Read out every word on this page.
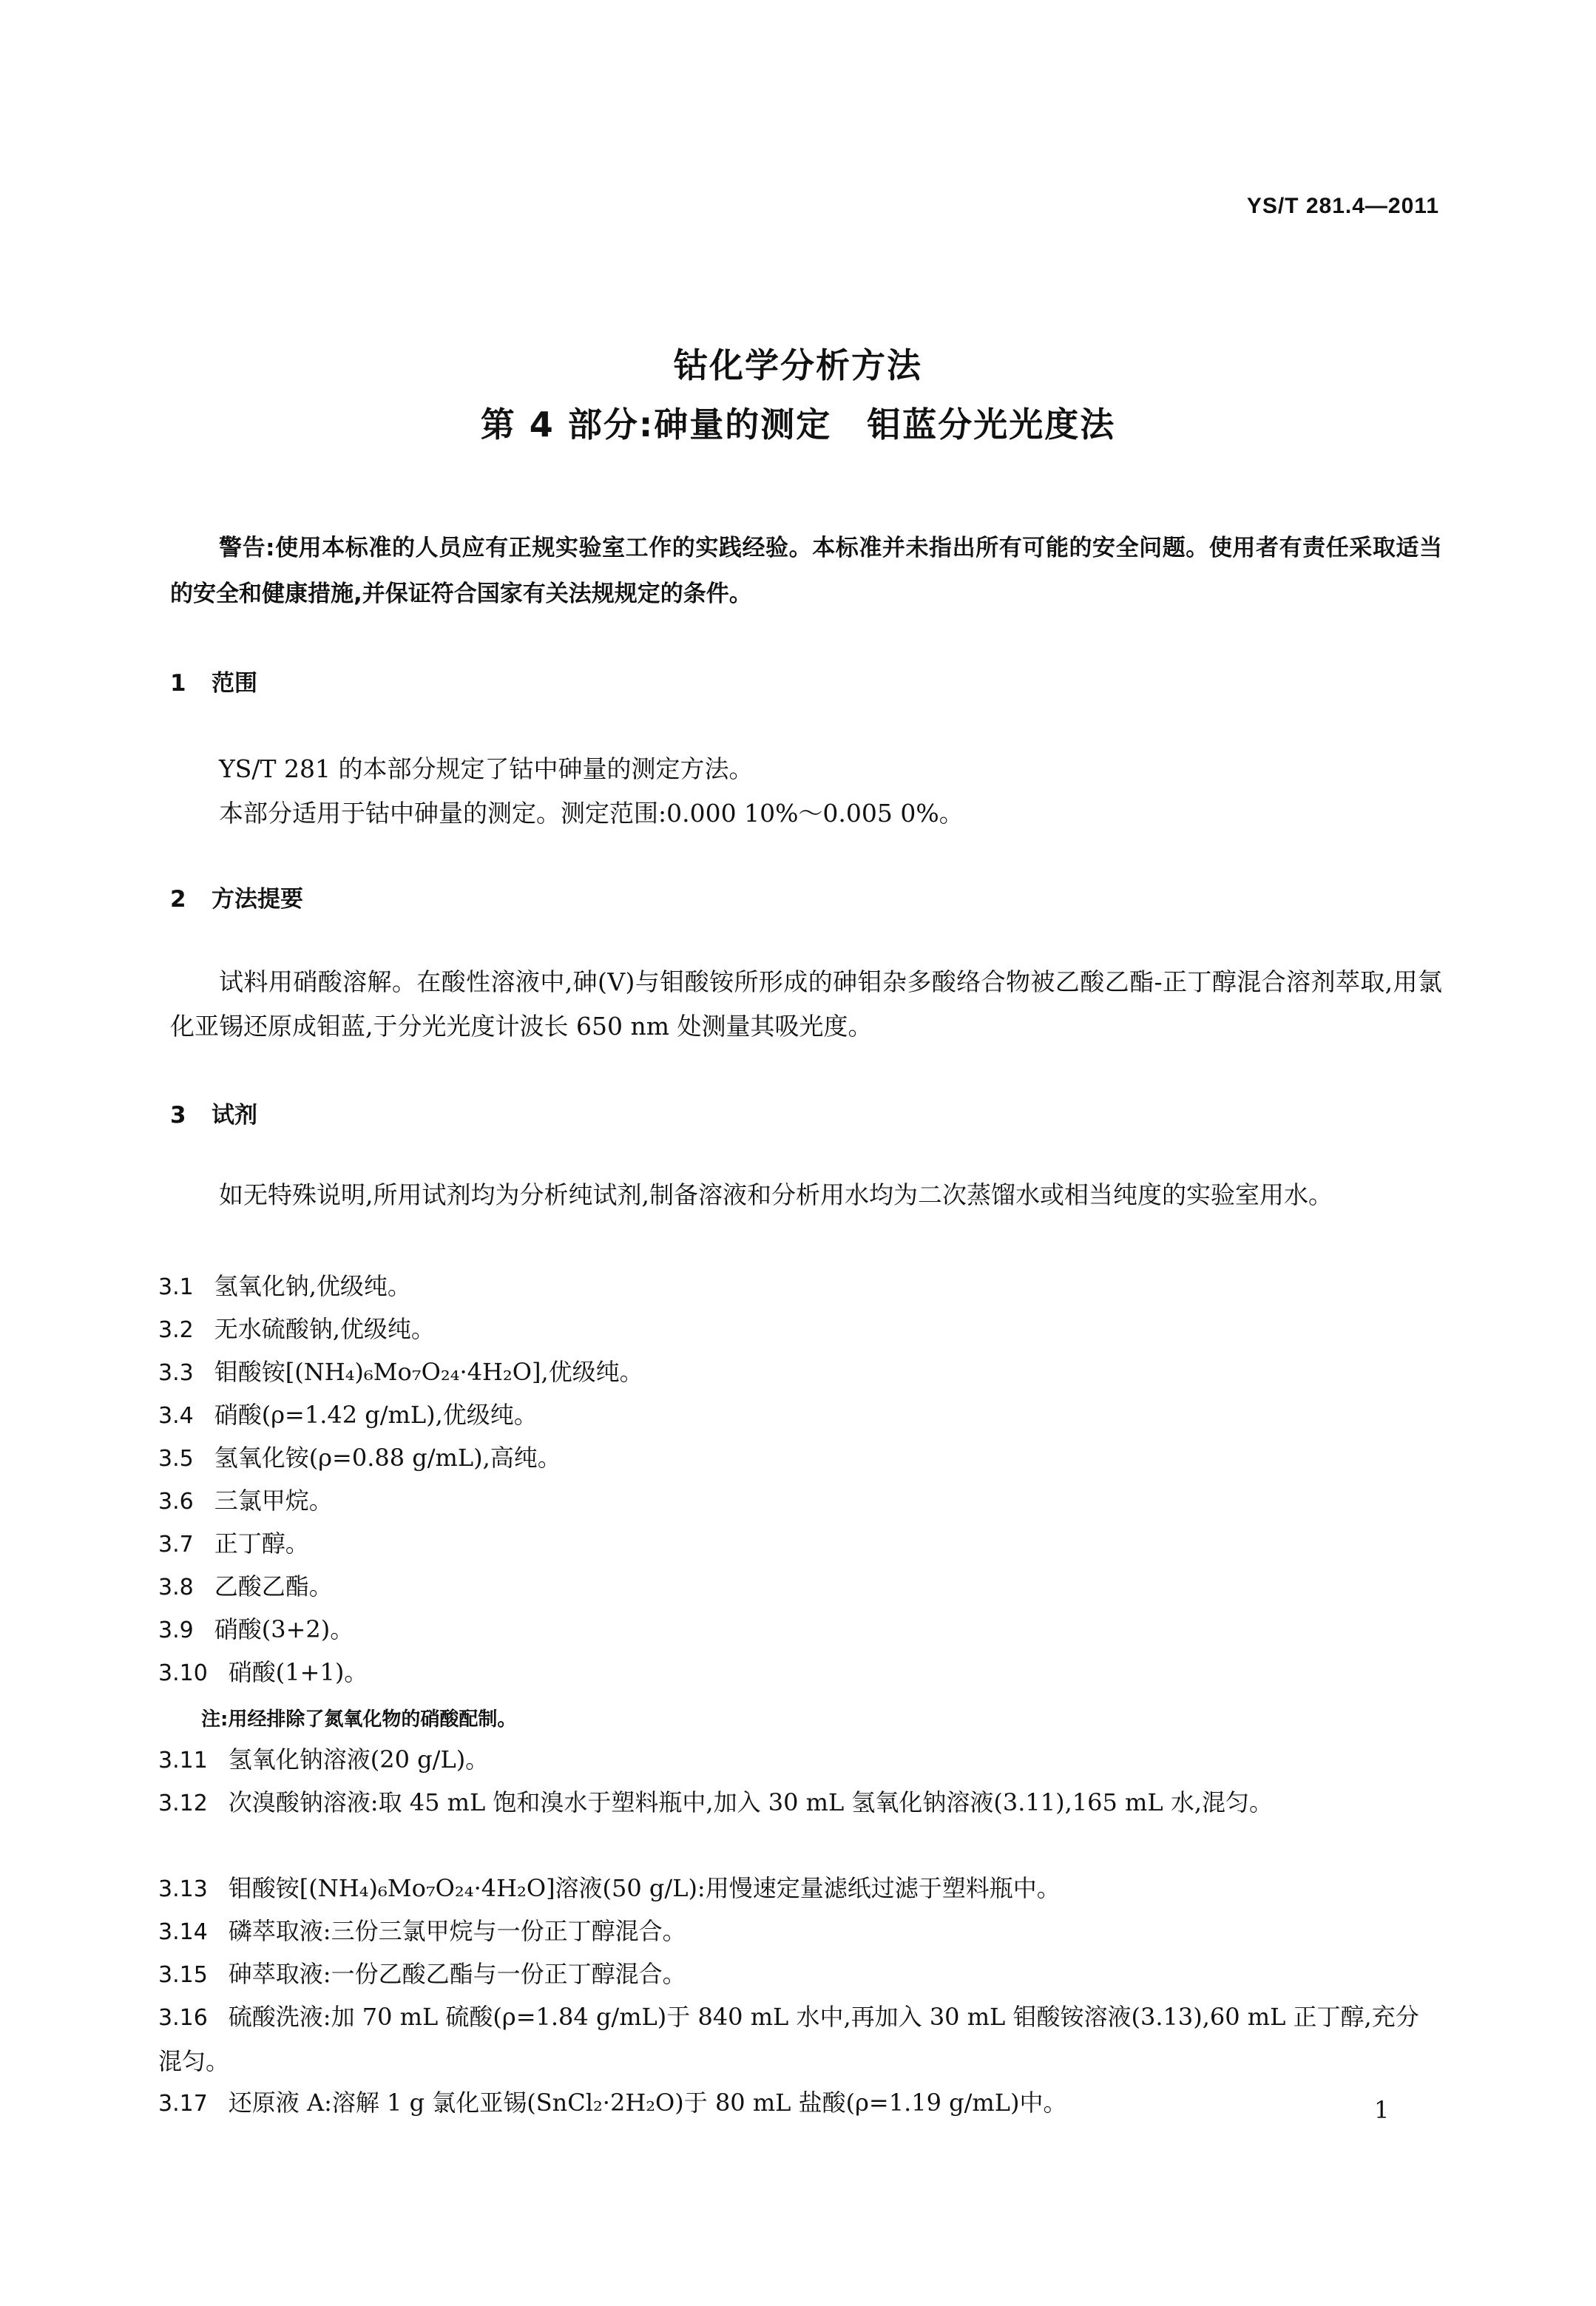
YS/T 281.4—2011
钴化学分析方法
第 4 部分:砷量的测定　钼蓝分光光度法
警告:使用本标准的人员应有正规实验室工作的实践经验。本标准并未指出所有可能的安全问题。使用者有责任采取适当的安全和健康措施,并保证符合国家有关法规规定的条件。
1 范围

YS/T 281 的本部分规定了钴中砷量的测定方法。

本部分适用于钴中砷量的测定。测定范围:0.000 10%～0.005 0%。

2 方法提要

试料用硝酸溶解。在酸性溶液中,砷(Ⅴ)与钼酸铵所形成的砷钼杂多酸络合物被乙酸乙酯-正丁醇混合溶剂萃取,用氯化亚锡还原成钼蓝,于分光光度计波长 650 nm 处测量其吸光度。

3 试剂

如无特殊说明,所用试剂均为分析纯试剂,制备溶液和分析用水均为二次蒸馏水或相当纯度的实验室用水。

3.1 氢氧化钠,优级纯。
3.2 无水硫酸钠,优级纯。
3.3 钼酸铵[(NH₄)₆Mo₇O₂₄·4H₂O],优级纯。
3.4 硝酸(ρ=1.42 g/mL),优级纯。
3.5 氢氧化铵(ρ=0.88 g/mL),高纯。
3.6 三氯甲烷。
3.7 正丁醇。
3.8 乙酸乙酯。
3.9 硝酸(3+2)。
3.10 硝酸(1+1)。
注:用经排除了氮氧化物的硝酸配制。
3.11 氢氧化钠溶液(20 g/L)。
3.12 次溴酸钠溶液:取 45 mL 饱和溴水于塑料瓶中,加入 30 mL 氢氧化钠溶液(3.11),165 mL 水,混匀。
3.13 钼酸铵[(NH₄)₆Mo₇O₂₄·4H₂O]溶液(50 g/L):用慢速定量滤纸过滤于塑料瓶中。
3.14 磷萃取液:三份三氯甲烷与一份正丁醇混合。
3.15 砷萃取液:一份乙酸乙酯与一份正丁醇混合。
3.16 硫酸洗液:加 70 mL 硫酸(ρ=1.84 g/mL)于 840 mL 水中,再加入 30 mL 钼酸铵溶液(3.13),60 mL 正丁醇,充分混匀。
3.17 还原液 A:溶解 1 g 氯化亚锡(SnCl₂·2H₂O)于 80 mL 盐酸(ρ=1.19 g/mL)中。	1
